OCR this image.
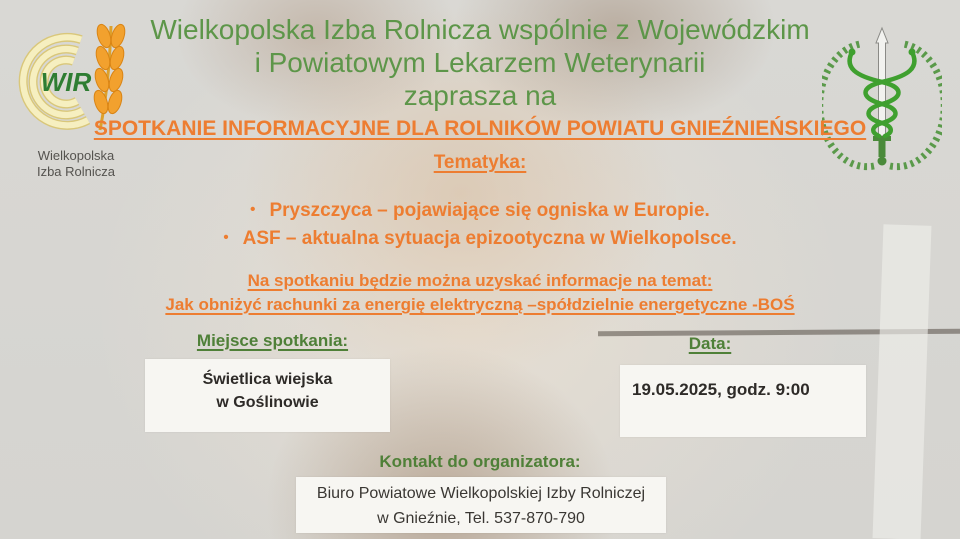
WIR
Wielkopolska
Izba Rolnicza
Wielkopolska Izba Rolnicza wspólnie z Wojewódzkim
i Powiatowym Lekarzem Weterynarii
zaprasza na
SPOTKANIE INFORMACYJNE DLA ROLNIKÓW POWIATU GNIEŹNIEŃSKIEGO
Tematyka:
• Pryszczyca – pojawiające się ogniska w Europie.
• ASF – aktualna sytuacja epizootyczna w Wielkopolsce.
Na spotkaniu będzie można uzyskać informacje na temat:
Jak obniżyć rachunki za energię elektryczną –spółdzielnie energetyczne -BOŚ
Miejsce spotkania:
Świetlica wiejska
w Goślinowie
Data:
19.05.2025, godz. 9:00
Kontakt do organizatora:
Biuro Powiatowe Wielkopolskiej Izby Rolniczej
w Gnieźnie, Tel. 537-870-790
